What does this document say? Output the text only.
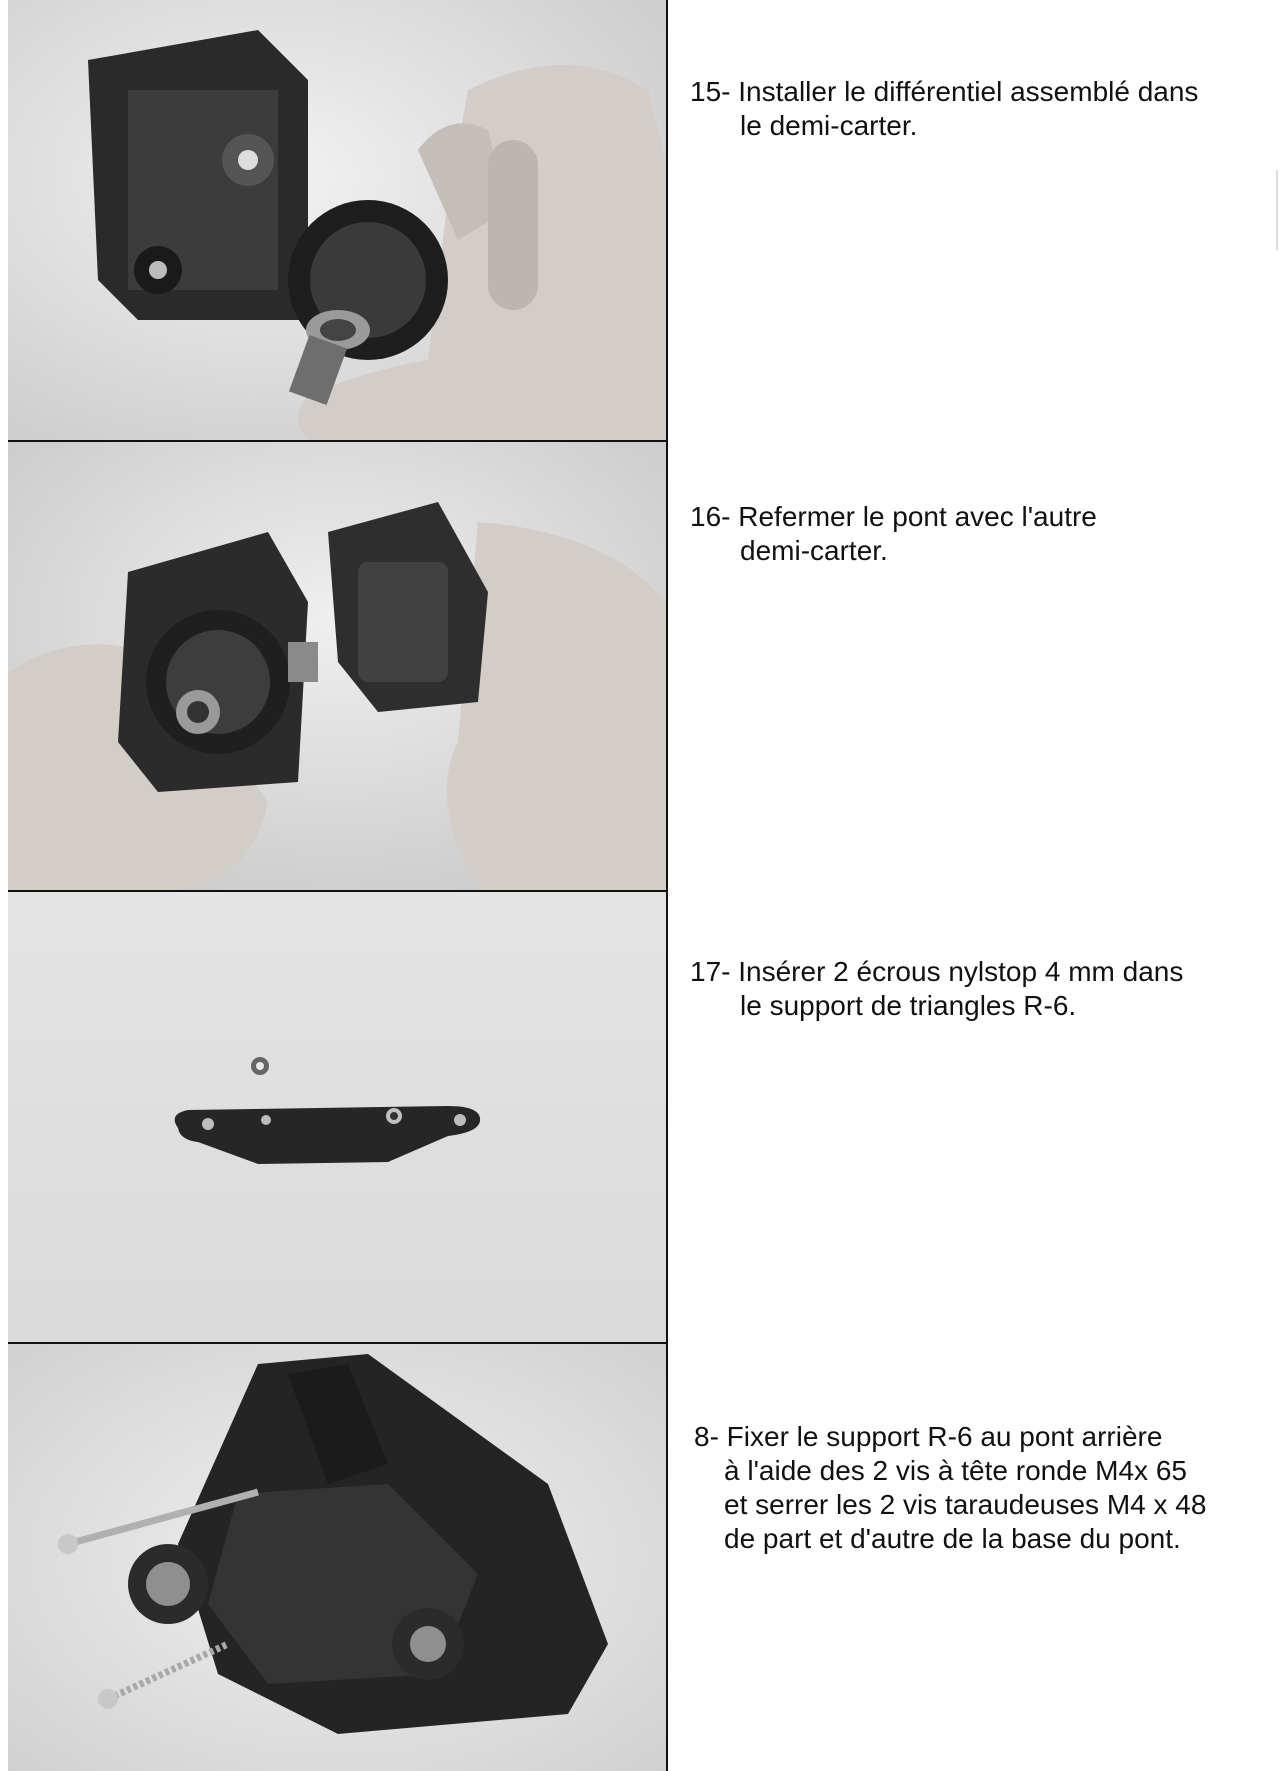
15- Installer le différentiel assemblé dans
le demi-carter.
16- Refermer le pont avec l'autre
demi-carter.
17- Insérer 2 écrous nylstop 4 mm dans
le support de triangles R-6.
8- Fixer le support R-6 au pont arrière
à l'aide des 2 vis à tête ronde M4x 65
et serrer les 2 vis taraudeuses M4 x 48
de part et d'autre de la base du pont.
